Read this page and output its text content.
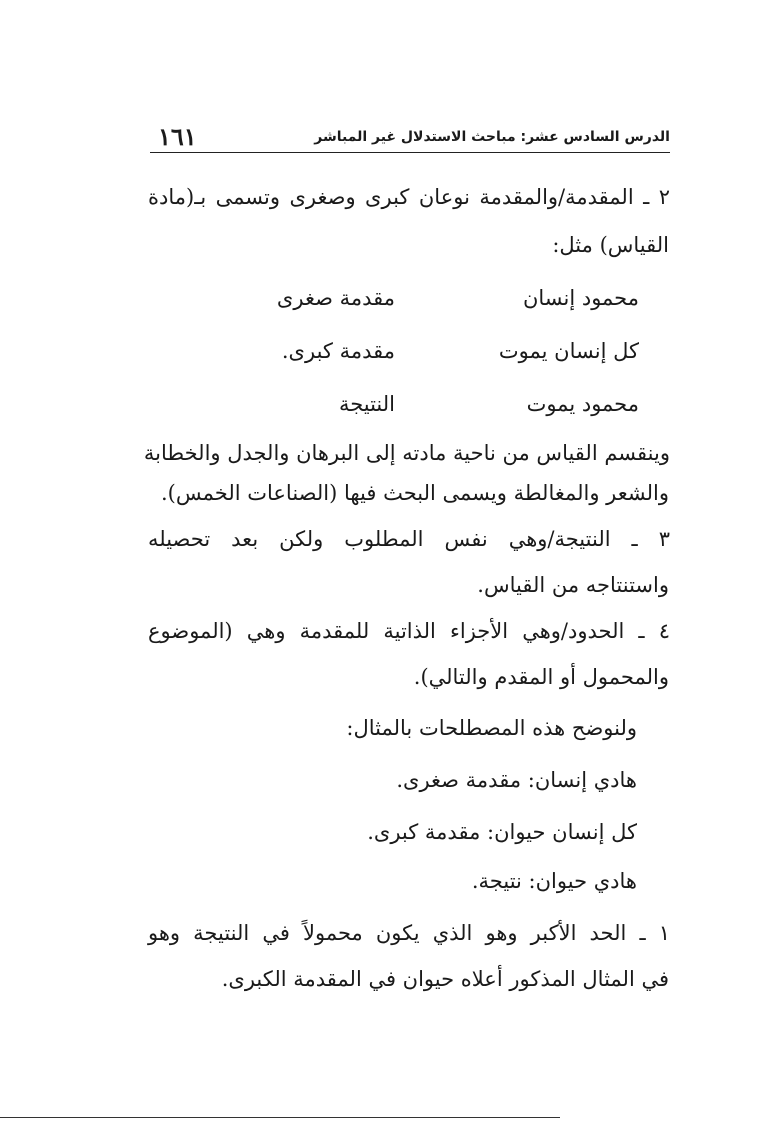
١٦١	الدرس السادس عشر: مباحث الاستدلال غير المباشر
٢ ـ المقدمة/والمقدمة نوعان كبرى وصغرى وتسمى بـ(مادة
القياس) مثل:
محمود إنسان
مقدمة صغرى
كل إنسان يموت
مقدمة كبرى.
محمود يموت
النتيجة
وينقسم القياس من ناحية مادته إلى البرهان والجدل والخطابة
والشعر والمغالطة ويسمى البحث فيها (الصناعات الخمس).
٣ ـ النتيجة/وهي نفس المطلوب ولكن بعد تحصيله
واستنتاجه من القياس.
٤ ـ الحدود/وهي الأجزاء الذاتية للمقدمة وهي (الموضوع
والمحمول أو المقدم والتالي).
ولنوضح هذه المصطلحات بالمثال:
هادي إنسان: مقدمة صغرى.
كل إنسان حيوان: مقدمة كبرى.
هادي حيوان: نتيجة.
١ ـ الحد الأكبر وهو الذي يكون محمولاً في النتيجة وهو
في المثال المذكور أعلاه حيوان في المقدمة الكبرى.
